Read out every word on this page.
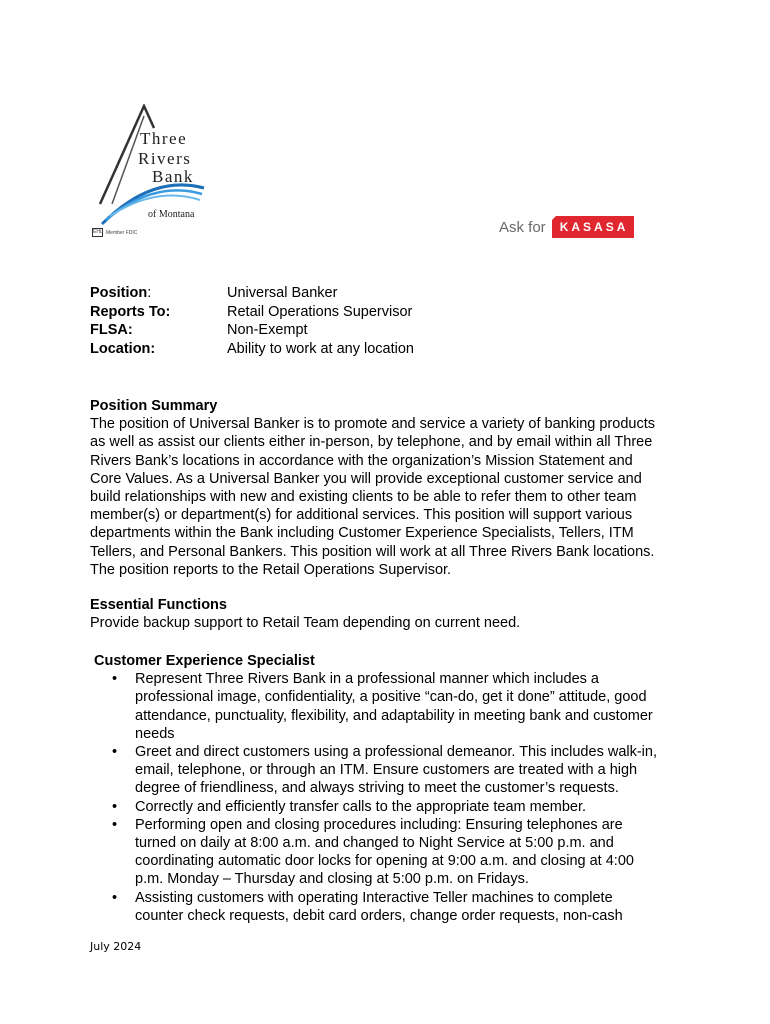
Three
Rivers
Bank
of Montana
EHL Member FDIC	Ask for	KASASA
Position:	Universal Banker
Reports To:	Retail Operations Supervisor
FLSA:	Non-Exempt
Location:	Ability to work at any location
Position Summary

The position of Universal Banker is to promote and service a variety of banking products

as well as assist our clients either in-person, by telephone, and by email within all Three

Rivers Bank’s locations in accordance with the organization’s Mission Statement and

Core Values. As a Universal Banker you will provide exceptional customer service and

build relationships with new and existing clients to be able to refer them to other team

member(s) or department(s) for additional services. This position will support various

departments within the Bank including Customer Experience Specialists, Tellers, ITM

Tellers, and Personal Bankers. This position will work at all Three Rivers Bank locations.

The position reports to the Retail Operations Supervisor.

Essential Functions

Provide backup support to Retail Team depending on current need.

Customer Experience Specialist
• Represent Three Rivers Bank in a professional manner which includes a
professional image, confidentiality, a positive “can-do, get it done” attitude, good
attendance, punctuality, flexibility, and adaptability in meeting bank and customer
needs
• Greet and direct customers using a professional demeanor. This includes walk-in,
email, telephone, or through an ITM. Ensure customers are treated with a high
degree of friendliness, and always striving to meet the customer’s requests.
• Correctly and efficiently transfer calls to the appropriate team member.
• Performing open and closing procedures including: Ensuring telephones are
turned on daily at 8:00 a.m. and changed to Night Service at 5:00 p.m. and
coordinating automatic door locks for opening at 9:00 a.m. and closing at 4:00
p.m. Monday – Thursday and closing at 5:00 p.m. on Fridays.
• Assisting customers with operating Interactive Teller machines to complete
counter check requests, debit card orders, change order requests, non-cash
July 2024
